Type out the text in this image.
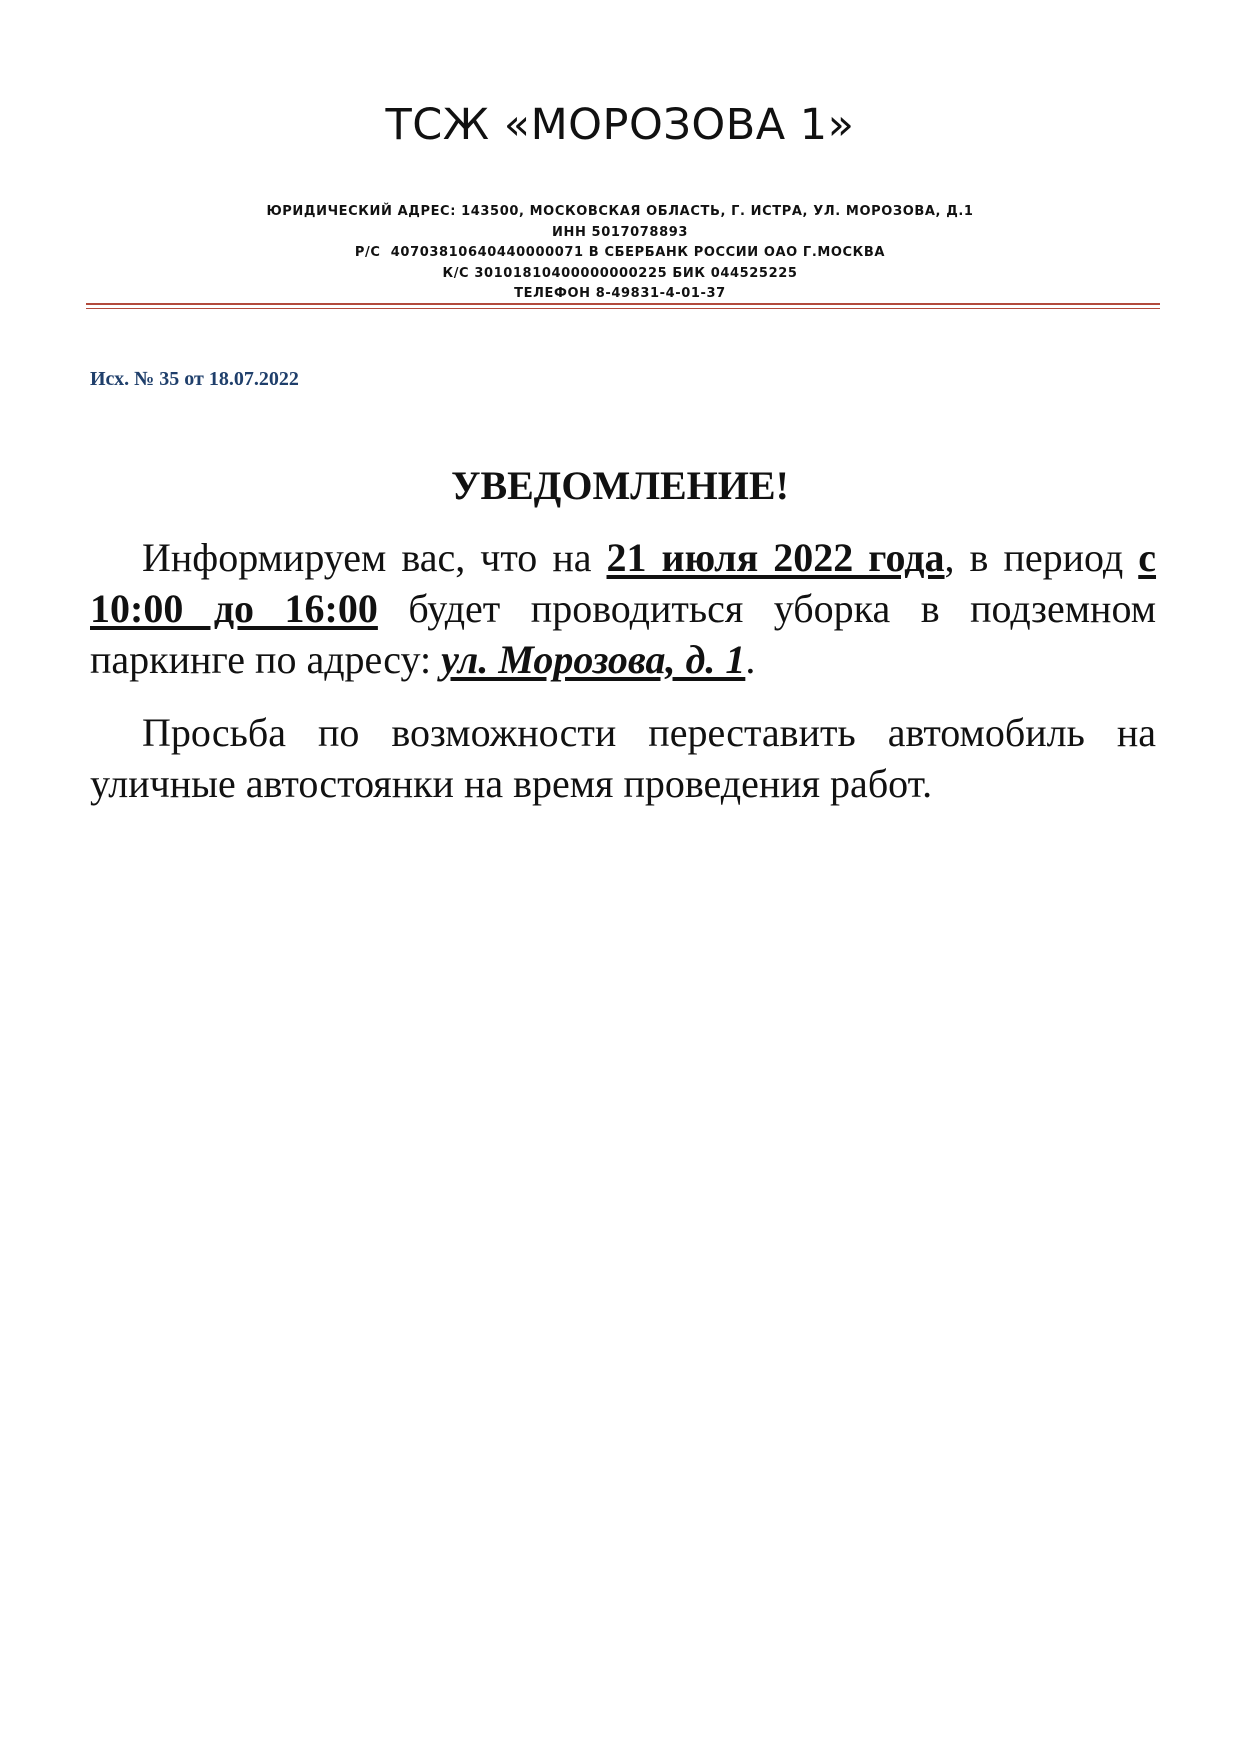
ТСЖ «МОРОЗОВА 1»
ЮРИДИЧЕСКИЙ АДРЕС: 143500, МОСКОВСКАЯ ОБЛАСТЬ, Г. ИСТРА, УЛ. МОРОЗОВА, Д.1
ИНН 5017078893
Р/С  40703810640440000071 В СБЕРБАНК РОССИИ ОАО Г.МОСКВА
К/С 30101810400000000225 БИК 044525225
ТЕЛЕФОН 8-49831-4-01-37
Исх. № 35 от 18.07.2022
УВЕДОМЛЕНИЕ!

Информируем вас, что на 21 июля 2022 года, в период с 10:00 до 16:00 будет проводиться уборка в подземном паркинге по адресу: ул. Морозова, д. 1.

Просьба по возможности переставить автомобиль на уличные автостоянки на время проведения работ.
